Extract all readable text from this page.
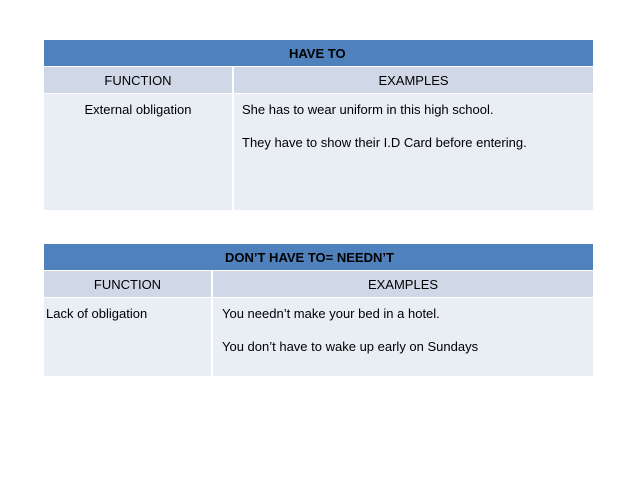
HAVE TO	
FUNCTION	EXAMPLES
External obligation	She has to wear uniform in this high school.
They have to show their I.D Card before entering.
DON’T HAVE TO= NEEDN’T	
FUNCTION	EXAMPLES
Lack of obligation	You needn’t make your bed in a hotel.
You don’t have to wake up early on Sundays
